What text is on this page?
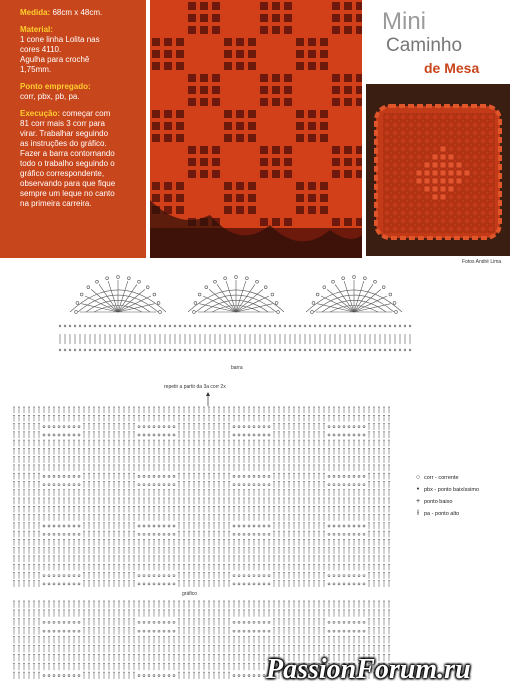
Medida: 68cm x 48cm.

Material:
1 cone linha Lolita nas
cores 4110.
Agulha para crochê
1,75mm.

Ponto empregado:
corr, pbx, pb, pa.

Execução: começar com
81 corr mais 3 corr para
virar. Trabalhar seguindo
as instruções do gráfico.
Fazer a barra contornando
todo o trabalho seguindo o
gráfico correspondente,
observando para que fique
sempre um leque no canto
na primeira carreira.

Fotos André Lima
Mini
Caminho
de Mesa
barra
repetir a partir da 3a corr 2x
gráfico
○ corr - corrente
• pbx - ponto baixíssimo
+ ponto baixo
ƚ pa - ponto alto
PassionForum.ru
